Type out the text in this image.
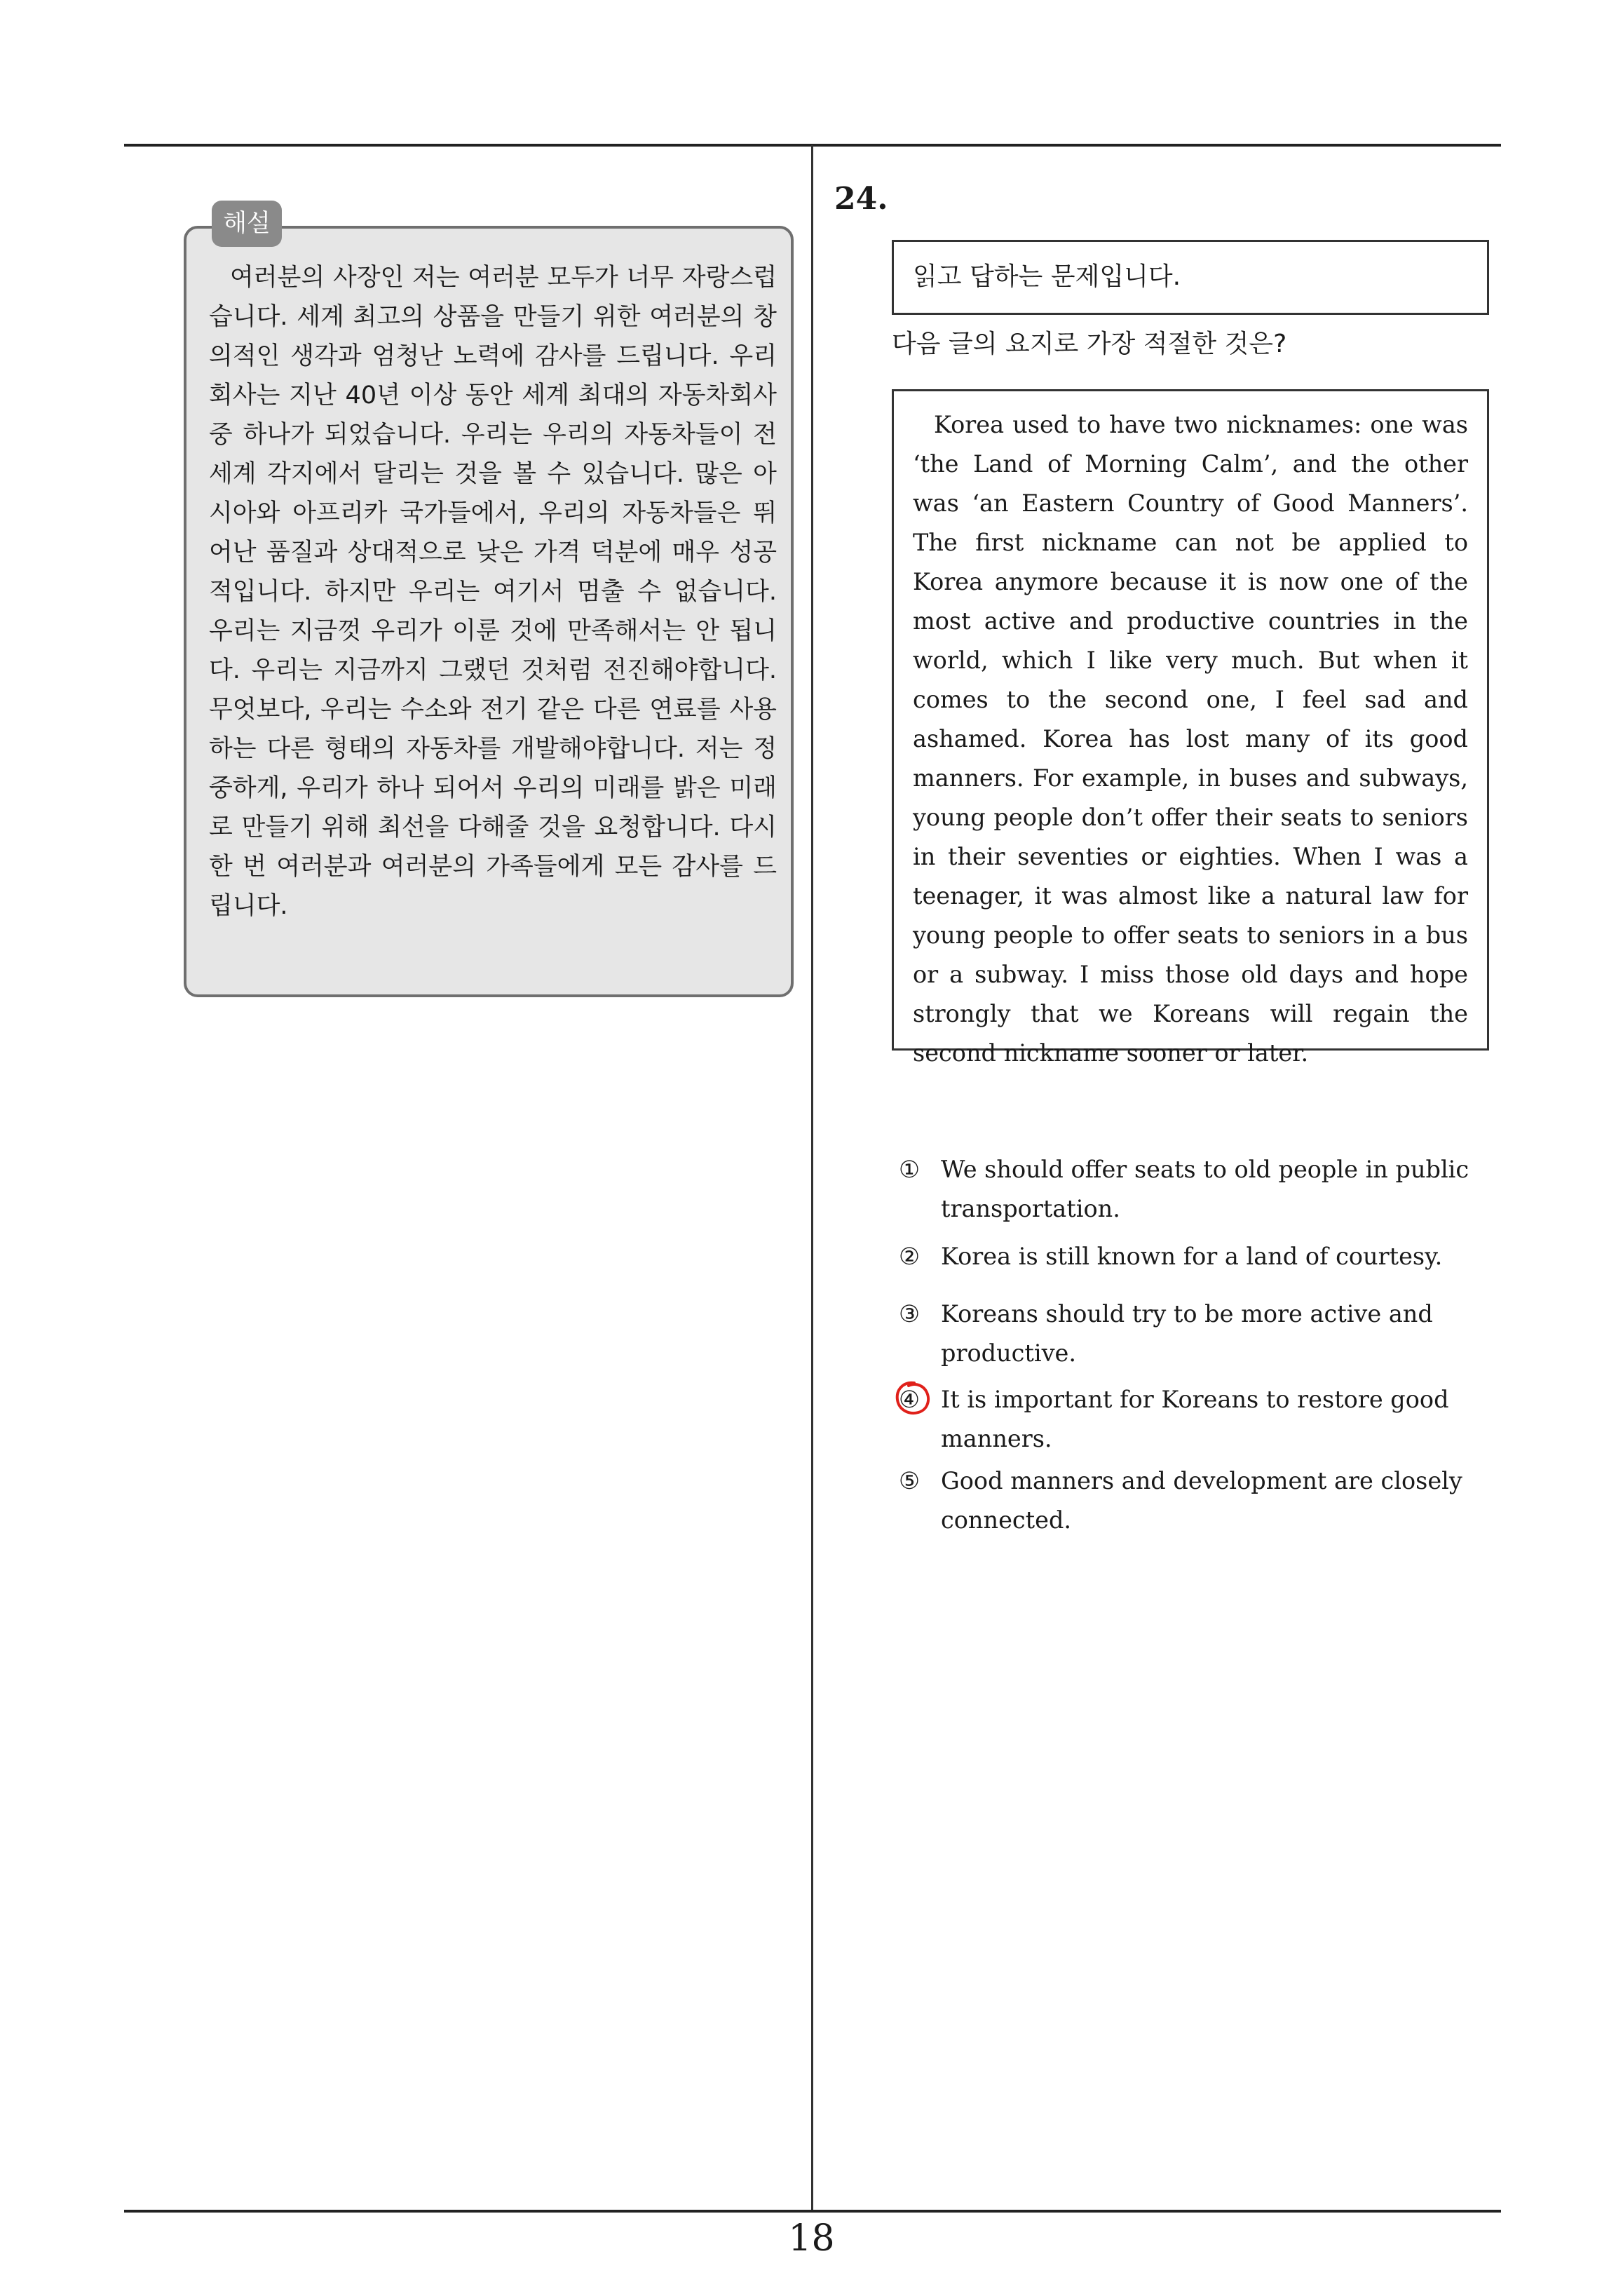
해설
여러분의 사장인 저는 여러분 모두가 너무 자랑스럽습니다. 세계 최고의 상품을 만들기 위한 여러분의 창의적인 생각과 엄청난 노력에 감사를 드립니다. 우리 회사는 지난 40년 이상 동안 세계 최대의 자동차회사 중 하나가 되었습니다. 우리는 우리의 자동차들이 전 세계 각지에서 달리는 것을 볼 수 있습니다. 많은 아시아와 아프리카 국가들에서, 우리의 자동차들은 뛰어난 품질과 상대적으로 낮은 가격 덕분에 매우 성공적입니다. 하지만 우리는 여기서 멈출 수 없습니다. 우리는 지금껏 우리가 이룬 것에 만족해서는 안 됩니다. 우리는 지금까지 그랬던 것처럼 전진해야합니다. 무엇보다, 우리는 수소와 전기 같은 다른 연료를 사용하는 다른 형태의 자동차를 개발해야합니다. 저는 정중하게, 우리가 하나 되어서 우리의 미래를 밝은 미래로 만들기 위해 최선을 다해줄 것을 요청합니다. 다시 한 번 여러분과 여러분의 가족들에게 모든 감사를 드립니다.
24.
읽고 답하는 문제입니다.
다음 글의 요지로 가장 적절한 것은?
Korea used to have two nicknames: one was ‘the Land of Morning Calm’, and the other was ‘an Eastern Country of Good Manners’. The first nickname can not be applied to Korea anymore because it is now one of the most active and productive countries in the world, which I like very much. But when it comes to the second one, I feel sad and ashamed. Korea has lost many of its good manners. For example, in buses and subways, young people don’t offer their seats to seniors in their seventies or eighties. When I was a teenager, it was almost like a natural law for young people to offer seats to seniors in a bus or a subway. I miss those old days and hope strongly that we Koreans will regain the second nickname sooner or later.
① We should offer seats to old people in public transportation.
② Korea is still known for a land of courtesy.
③ Koreans should try to be more active and productive.
④ It is important for Koreans to restore good manners.
⑤ Good manners and development are closely connected.
18
